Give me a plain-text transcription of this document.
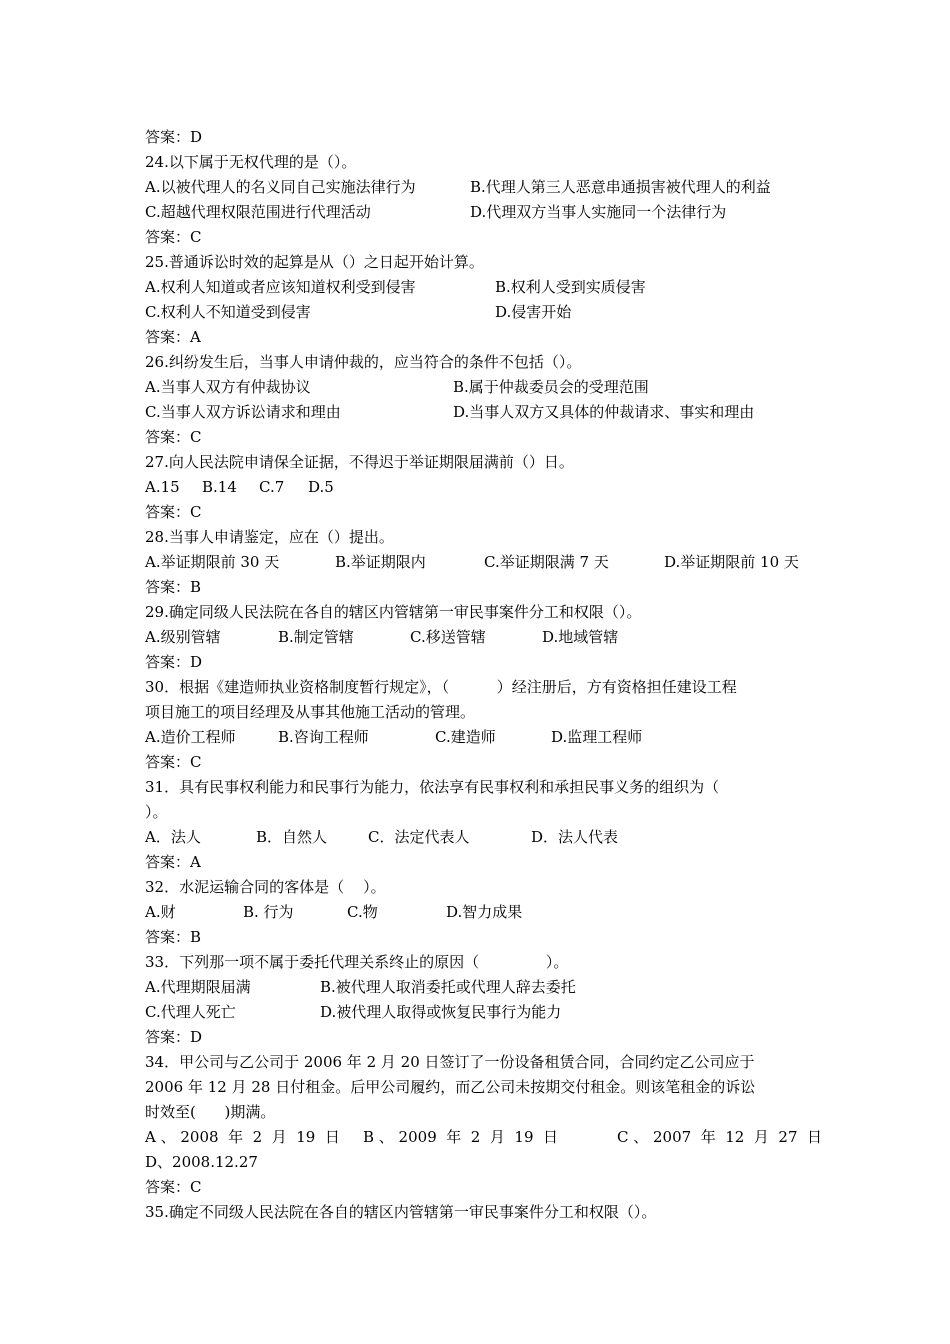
答案：D
24.以下属于无权代理的是（）。

A.以被代理人的名义同自己实施法律行为

	B.代理人第三人恶意串通损害被代理人的利益

C.超越代理权限范围进行代理活动

	D.代理双方当事人实施同一个法律行为

答案：C
25.普通诉讼时效的起算是从（）之日起开始计算。

A.权利人知道或者应该知道权利受到侵害

	B.权利人受到实质侵害

C.权利人不知道受到侵害

	D.侵害开始

答案：A
26.纠纷发生后，当事人申请仲裁的，应当符合的条件不包括（）。

A.当事人双方有仲裁协议

	B.属于仲裁委员会的受理范围

C.当事人双方诉讼请求和理由

	D.当事人双方又具体的仲裁请求、事实和理由

答案：C
27.向人民法院申请保全证据，不得迟于举证期限届满前（）日。

A.15

B.14

C.7

D.5

答案：C
28.当事人申请鉴定，应在（）提出。

A.举证期限前 30 天

	B.举证期限内

	C.举证期限满 7 天

	D.举证期限前 10 天

答案：B
29.确定同级人民法院在各自的辖区内管辖第一审民事案件分工和权限（）。

A.级别管辖

	B.制定管辖

	C.移送管辖

	D.地域管辖

答案：D
30．根据《建造师执业资格制度暂行规定》，（          ）经注册后，方有资格担任建设工程
项目施工的项目经理及从事其他施工活动的管理。

A.造价工程师

	B.咨询工程师

	C.建造师

	D.监理工程师

答案：C
31．具有民事权利能力和民事行为能力，依法享有民事权利和承担民事义务的组织为（
）。

A．法人

	B．自然人

	C．法定代表人

	D．法人代表

答案：A
32．水泥运输合同的客体是（    ）。

A.财

	B. 行为

	C.物

	D.智力成果

答案：B
33．下列那一项不属于委托代理关系终止的原因（              ）。

A.代理期限届满

	B.被代理人取消委托或代理人辞去委托

C.代理人死亡

	D.被代理人取得或恢复民事行为能力

答案：D
34．甲公司与乙公司于 2006 年 2 月 20 日签订了一份设备租赁合同，合同约定乙公司应于
2006 年 12 月 28 日付租金。后甲公司履约，而乙公司未按期交付租金。则该笔租金的诉讼
时效至(      )期满。

A 、 2008  年  2  月  19  日

B 、 2009  年  2  月  19  日

	C 、 2007  年  12  月  27  日

D、2008.12.27
答案：C
35.确定不同级人民法院在各自的辖区内管辖第一审民事案件分工和权限（）。
